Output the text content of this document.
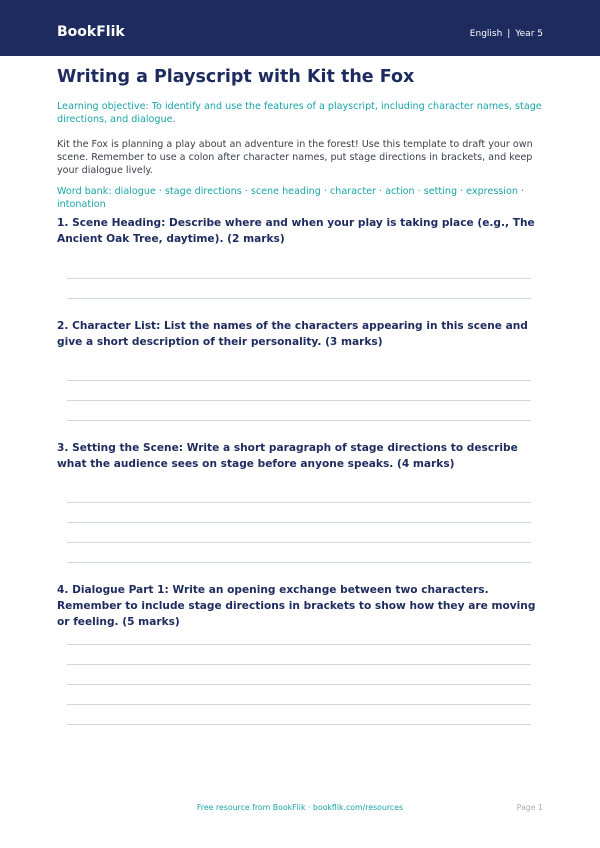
BookFlik	English | Year 5
Writing a Playscript with Kit the Fox
Learning objective: To identify and use the features of a playscript, including character names, stage directions, and dialogue.
Kit the Fox is planning a play about an adventure in the forest! Use this template to draft your own scene. Remember to use a colon after character names, put stage directions in brackets, and keep your dialogue lively.
Word bank: dialogue · stage directions · scene heading · character · action · setting · expression · intonation
1. Scene Heading: Describe where and when your play is taking place (e.g., The Ancient Oak Tree, daytime). (2 marks)
2. Character List: List the names of the characters appearing in this scene and give a short description of their personality. (3 marks)
3. Setting the Scene: Write a short paragraph of stage directions to describe what the audience sees on stage before anyone speaks. (4 marks)
4. Dialogue Part 1: Write an opening exchange between two characters. Remember to include stage directions in brackets to show how they are moving or feeling. (5 marks)
Free resource from BookFlik · bookflik.com/resources	Page 1
